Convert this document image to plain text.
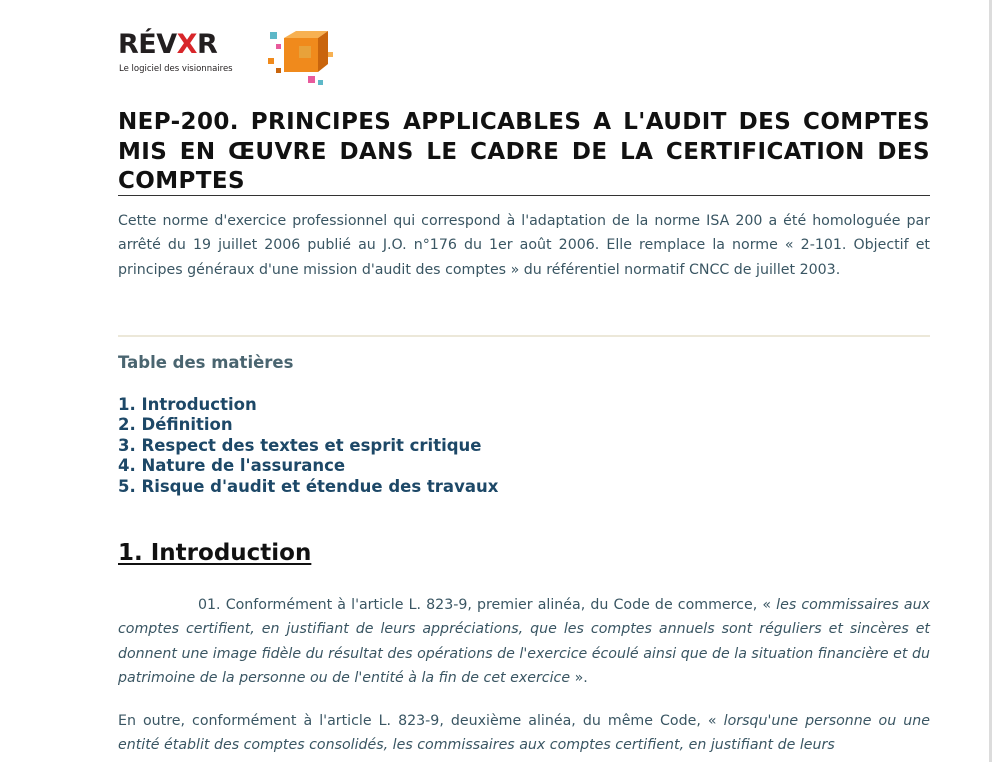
RÉVXR
Le logiciel des visionnaires
NEP-200. PRINCIPES APPLICABLES A L'AUDIT DES COMPTES MIS EN ŒUVRE DANS LE CADRE DE LA CERTIFICATION DES COMPTES

Cette norme d'exercice professionnel qui correspond à l'adaptation de la norme ISA 200 a été homologuée par arrêté du 19 juillet 2006 publié au J.O. n°176 du 1er août 2006. Elle remplace la norme « 2-101. Objectif et principes généraux d'une mission d'audit des comptes » du référentiel normatif CNCC de juillet 2003.

Table des matières
1. Introduction
2. Définition
3. Respect des textes et esprit critique
4. Nature de l'assurance
5. Risque d'audit et étendue des travaux
1. Introduction

01. Conformément à l'article L. 823-9, premier alinéa, du Code de commerce, « les commissaires aux comptes certifient, en justifiant de leurs appréciations, que les comptes annuels sont réguliers et sincères et donnent une image fidèle du résultat des opérations de l'exercice écoulé ainsi que de la situation financière et du patrimoine de la personne ou de l'entité à la fin de cet exercice ».

En outre, conformément à l'article L. 823-9, deuxième alinéa, du même Code, « lorsqu'une personne ou une entité établit des comptes consolidés, les commissaires aux comptes certifient, en justifiant de leurs
